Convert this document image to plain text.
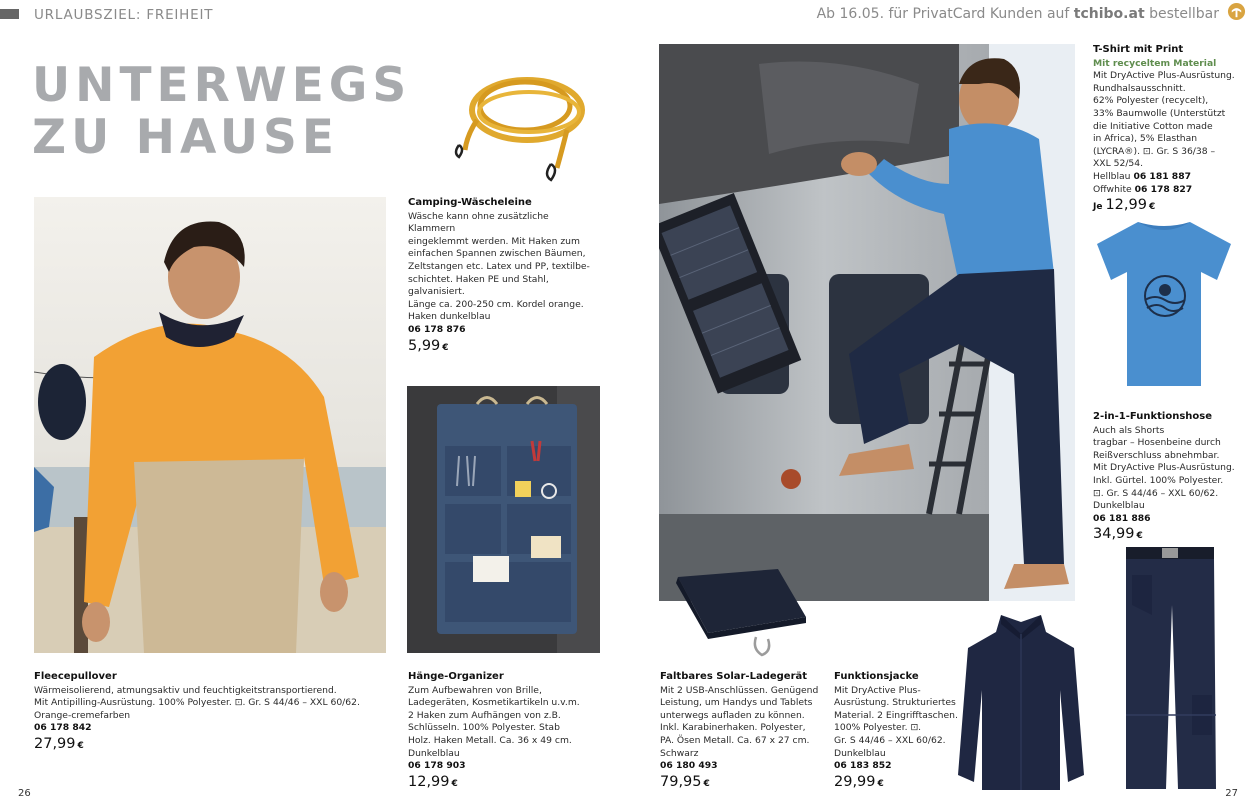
URLAUBSZIEL: FREIHEIT	Ab 16.05. für PrivatCard Kunden auf tchibo.at bestellbar
UNTERWEGS
ZU HAUSE
Camping-Wäscheleine
Wäsche kann ohne zusätzliche Klammern
eingeklemmt werden. Mit Haken zum
einfachen Spannen zwischen Bäumen,
Zeltstangen etc. Latex und PP, textilbe-
schichtet. Haken PE und Stahl, galvanisiert.
Länge ca. 200-250 cm. Kordel orange.
Haken dunkelblau
06 178 876
5,99 €
Fleecepullover
Wärmeisolierend, atmungsaktiv und feuchtigkeitstransportierend.
Mit Antipilling-Ausrüstung. 100% Polyester. ⊡. Gr. S 44/46 – XXL 60/62.
Orange-cremefarben
06 178 842
27,99 €
Hänge-Organizer
Zum Aufbewahren von Brille,
Ladegeräten, Kosmetikartikeln u.v.m.
2 Haken zum Aufhängen von z.B.
Schlüsseln. 100% Polyester. Stab
Holz. Haken Metall. Ca. 36 x 49 cm.
Dunkelblau
06 178 903
12,99 €
Faltbares Solar-Ladegerät
Mit 2 USB-Anschlüssen. Genügend
Leistung, um Handys und Tablets
unterwegs aufladen zu können.
Inkl. Karabinerhaken. Polyester,
PA. Ösen Metall. Ca. 67 x 27 cm.
Schwarz
06 180 493
79,95 €
Funktionsjacke
Mit DryActive Plus-
Ausrüstung. Strukturiertes
Material. 2 Eingrifftaschen.
100% Polyester. ⊡.
Gr. S 44/46 – XXL 60/62.
Dunkelblau
06 183 852
29,99 €
T-Shirt mit Print
Mit recyceltem Material
Mit DryActive Plus-Ausrüstung.
Rundhalsausschnitt.
62% Polyester (recycelt),
33% Baumwolle (Unterstützt
die Initiative Cotton made
in Africa), 5% Elasthan
(LYCRA®). ⊡. Gr. S 36/38 –
XXL 52/54.
Hellblau 06 181 887
Offwhite 06 178 827
Je 12,99 €
2-in-1-Funktionshose
Auch als Shorts
tragbar – Hosenbeine durch
Reißverschluss abnehmbar.
Mit DryActive Plus-Ausrüstung.
Inkl. Gürtel. 100% Polyester.
⊡. Gr. S 44/46 – XXL 60/62.
Dunkelblau
06 181 886
34,99 €
26	27
